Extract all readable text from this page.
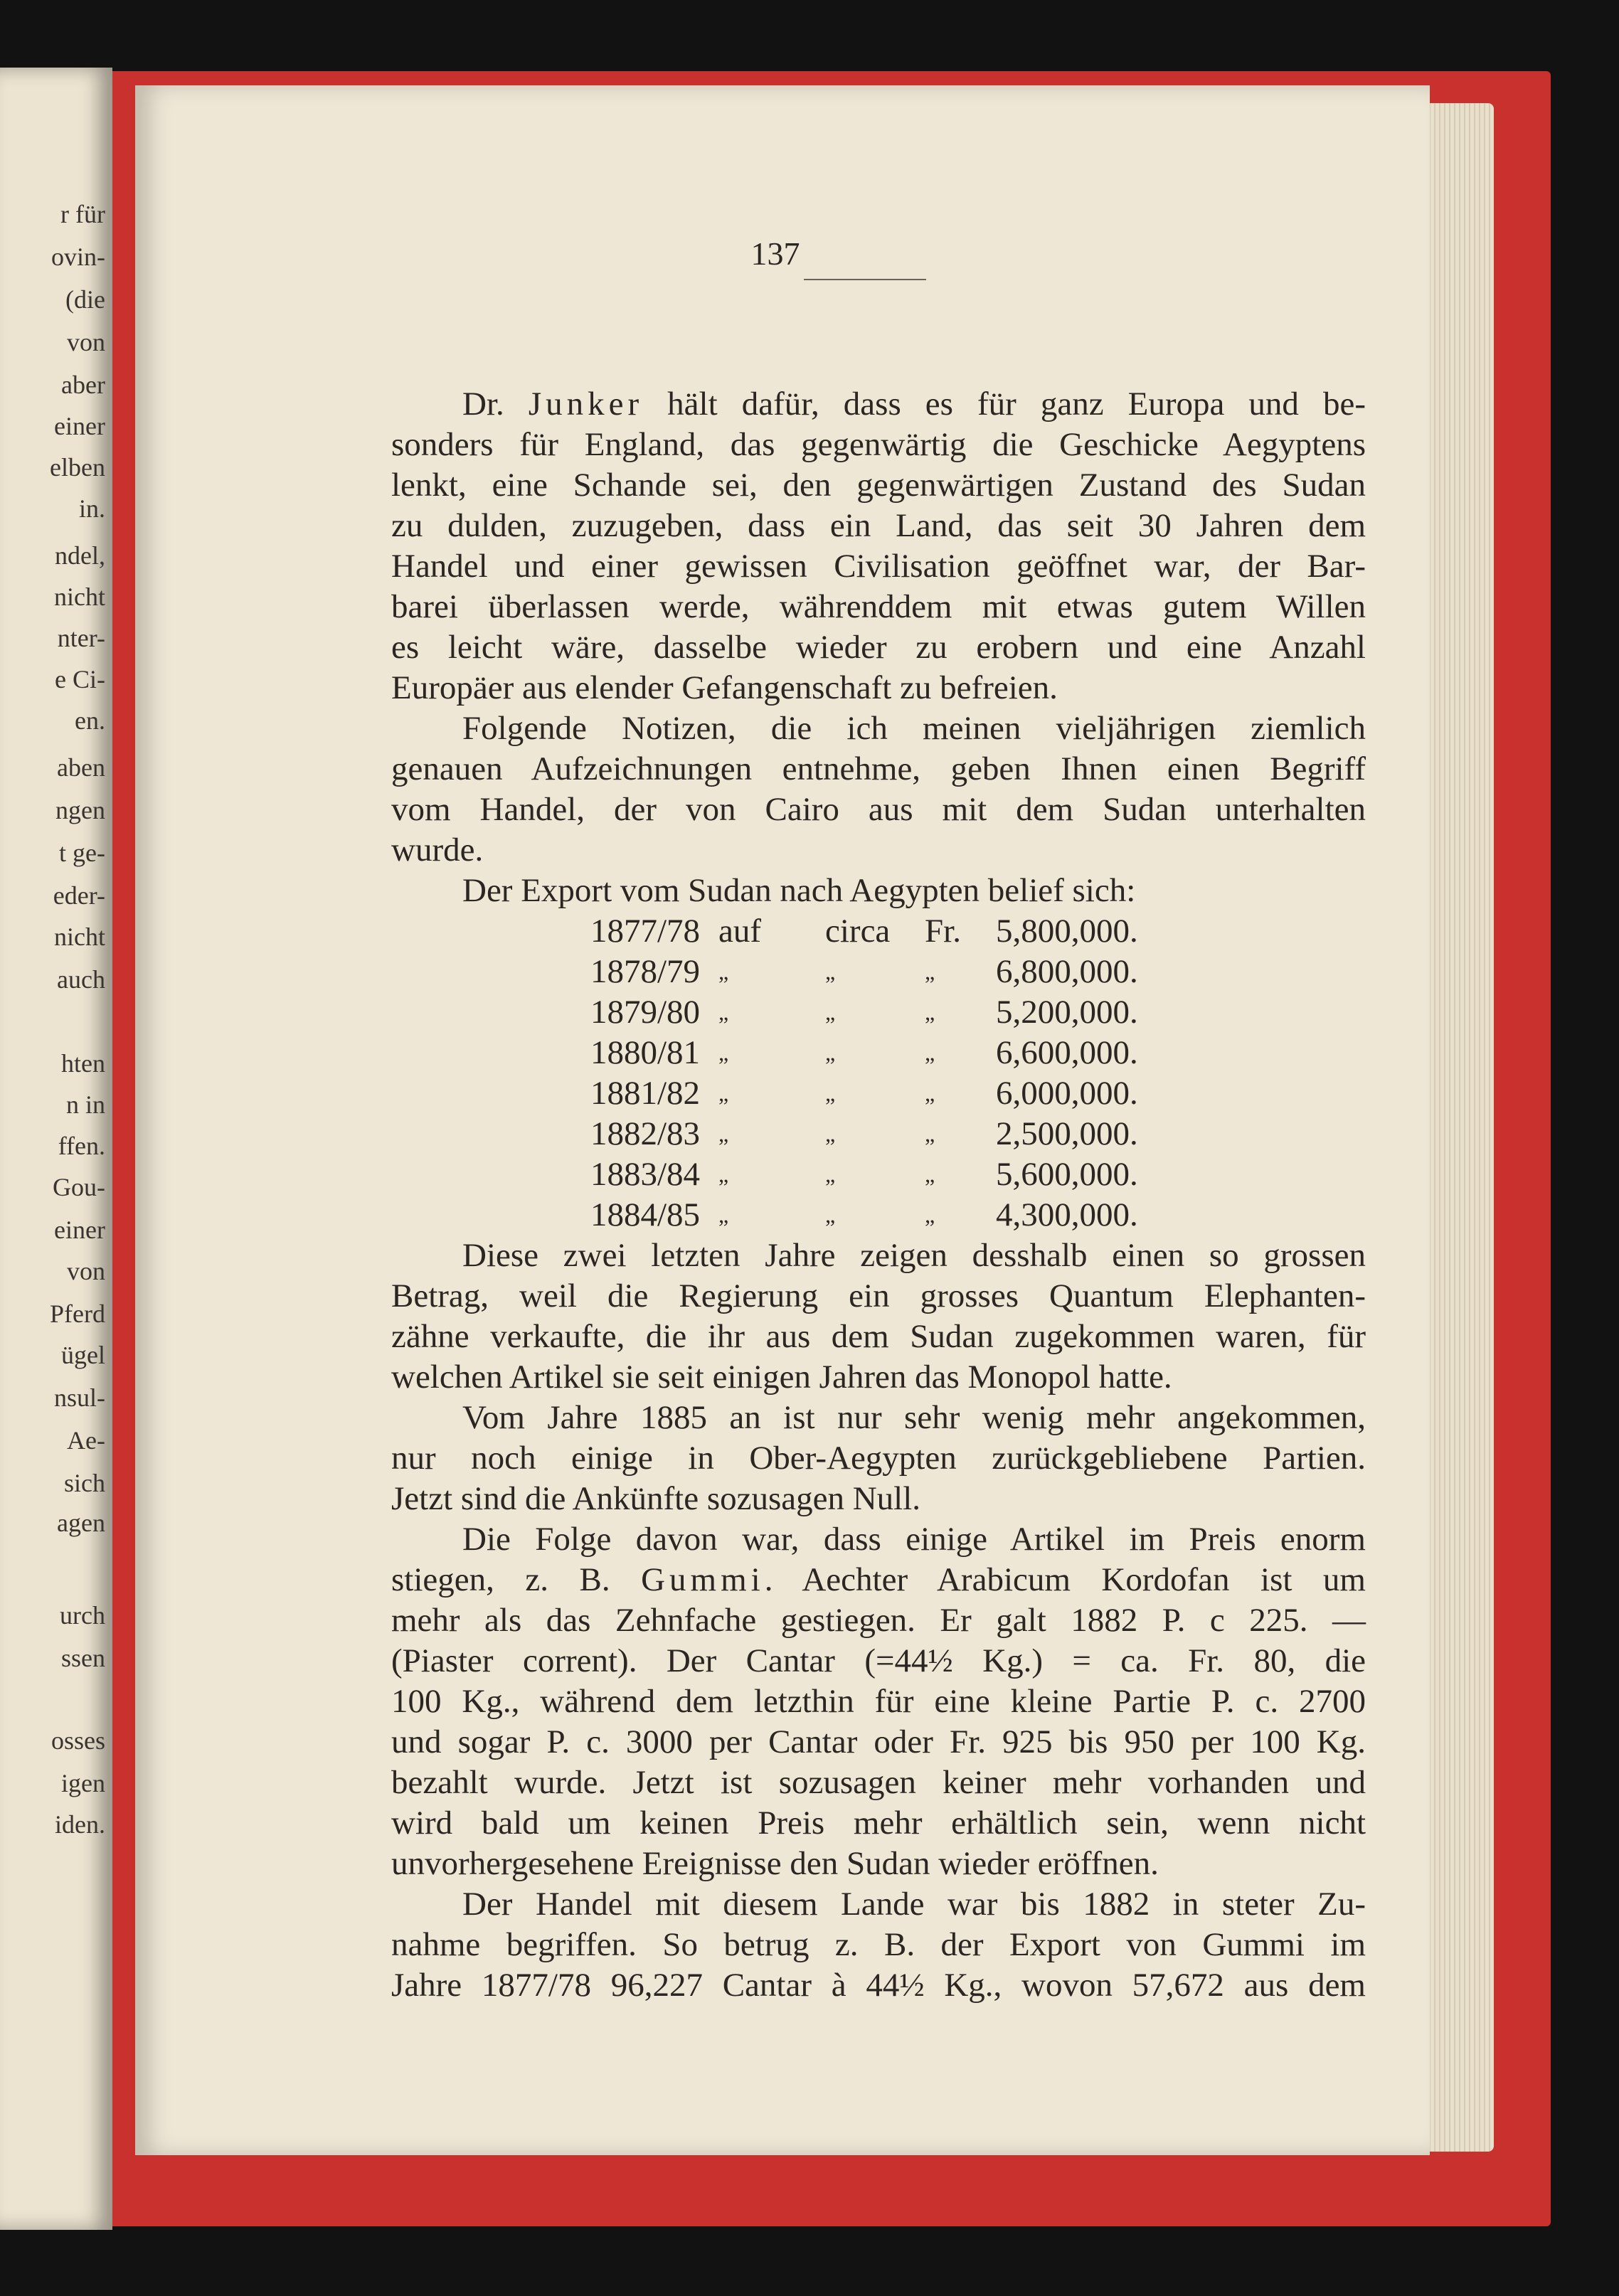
r für
ovin-
(die
von
aber
einer
elben
in.
ndel,
nicht
nter-
e Ci-
en.
aben
ngen
t ge-
eder-
nicht
auch
hten
n in
ffen.
Gou-
einer
von
Pferd
ügel
nsul-
Ae-
sich
agen
urch
ssen
osses
igen
iden.
137
Dr. Junker hält dafür, dass es für ganz Europa und be-
sonders für England, das gegenwärtig die Geschicke Aegyptens
lenkt, eine Schande sei, den gegenwärtigen Zustand des Sudan
zu dulden, zuzugeben, dass ein Land, das seit 30 Jahren dem
Handel und einer gewissen Civilisation geöffnet war, der Bar-
barei überlassen werde, währenddem mit etwas gutem Willen
es leicht wäre, dasselbe wieder zu erobern und eine Anzahl
Europäer aus elender Gefangenschaft zu befreien.
Folgende Notizen, die ich meinen vieljährigen ziemlich
genauen Aufzeichnungen entnehme, geben Ihnen einen Begriff
vom Handel, der von Cairo aus mit dem Sudan unterhalten
wurde.
Der Export vom Sudan nach Aegypten belief sich:
1877/78 auf circa Fr. 5,800,000.
1878/79 „	„	„ 6,800,000.
1879/80 „	„	„ 5,200,000.
1880/81 „	„	„ 6,600,000.
1881/82 „	„	„ 6,000,000.
1882/83 „	„	„ 2,500,000.
1883/84 „	„	„ 5,600,000.
1884/85 „	„	„ 4,300,000.
Diese zwei letzten Jahre zeigen desshalb einen so grossen
Betrag, weil die Regierung ein grosses Quantum Elephanten-
zähne verkaufte, die ihr aus dem Sudan zugekommen waren, für
welchen Artikel sie seit einigen Jahren das Monopol hatte.
Vom Jahre 1885 an ist nur sehr wenig mehr angekommen,
nur noch einige in Ober-Aegypten zurückgebliebene Partien.
Jetzt sind die Ankünfte sozusagen Null.
Die Folge davon war, dass einige Artikel im Preis enorm
stiegen, z. B. Gummi. Aechter Arabicum Kordofan ist um
mehr als das Zehnfache gestiegen. Er galt 1882 P. c 225. —
(Piaster corrent). Der Cantar (=44½ Kg.) = ca. Fr. 80, die
100 Kg., während dem letzthin für eine kleine Partie P. c. 2700
und sogar P. c. 3000 per Cantar oder Fr. 925 bis 950 per 100 Kg.
bezahlt wurde. Jetzt ist sozusagen keiner mehr vorhanden und
wird bald um keinen Preis mehr erhältlich sein, wenn nicht
unvorhergesehene Ereignisse den Sudan wieder eröffnen.
Der Handel mit diesem Lande war bis 1882 in steter Zu-
nahme begriffen. So betrug z. B. der Export von Gummi im
Jahre 1877/78 96,227 Cantar à 44½ Kg., wovon 57,672 aus dem
